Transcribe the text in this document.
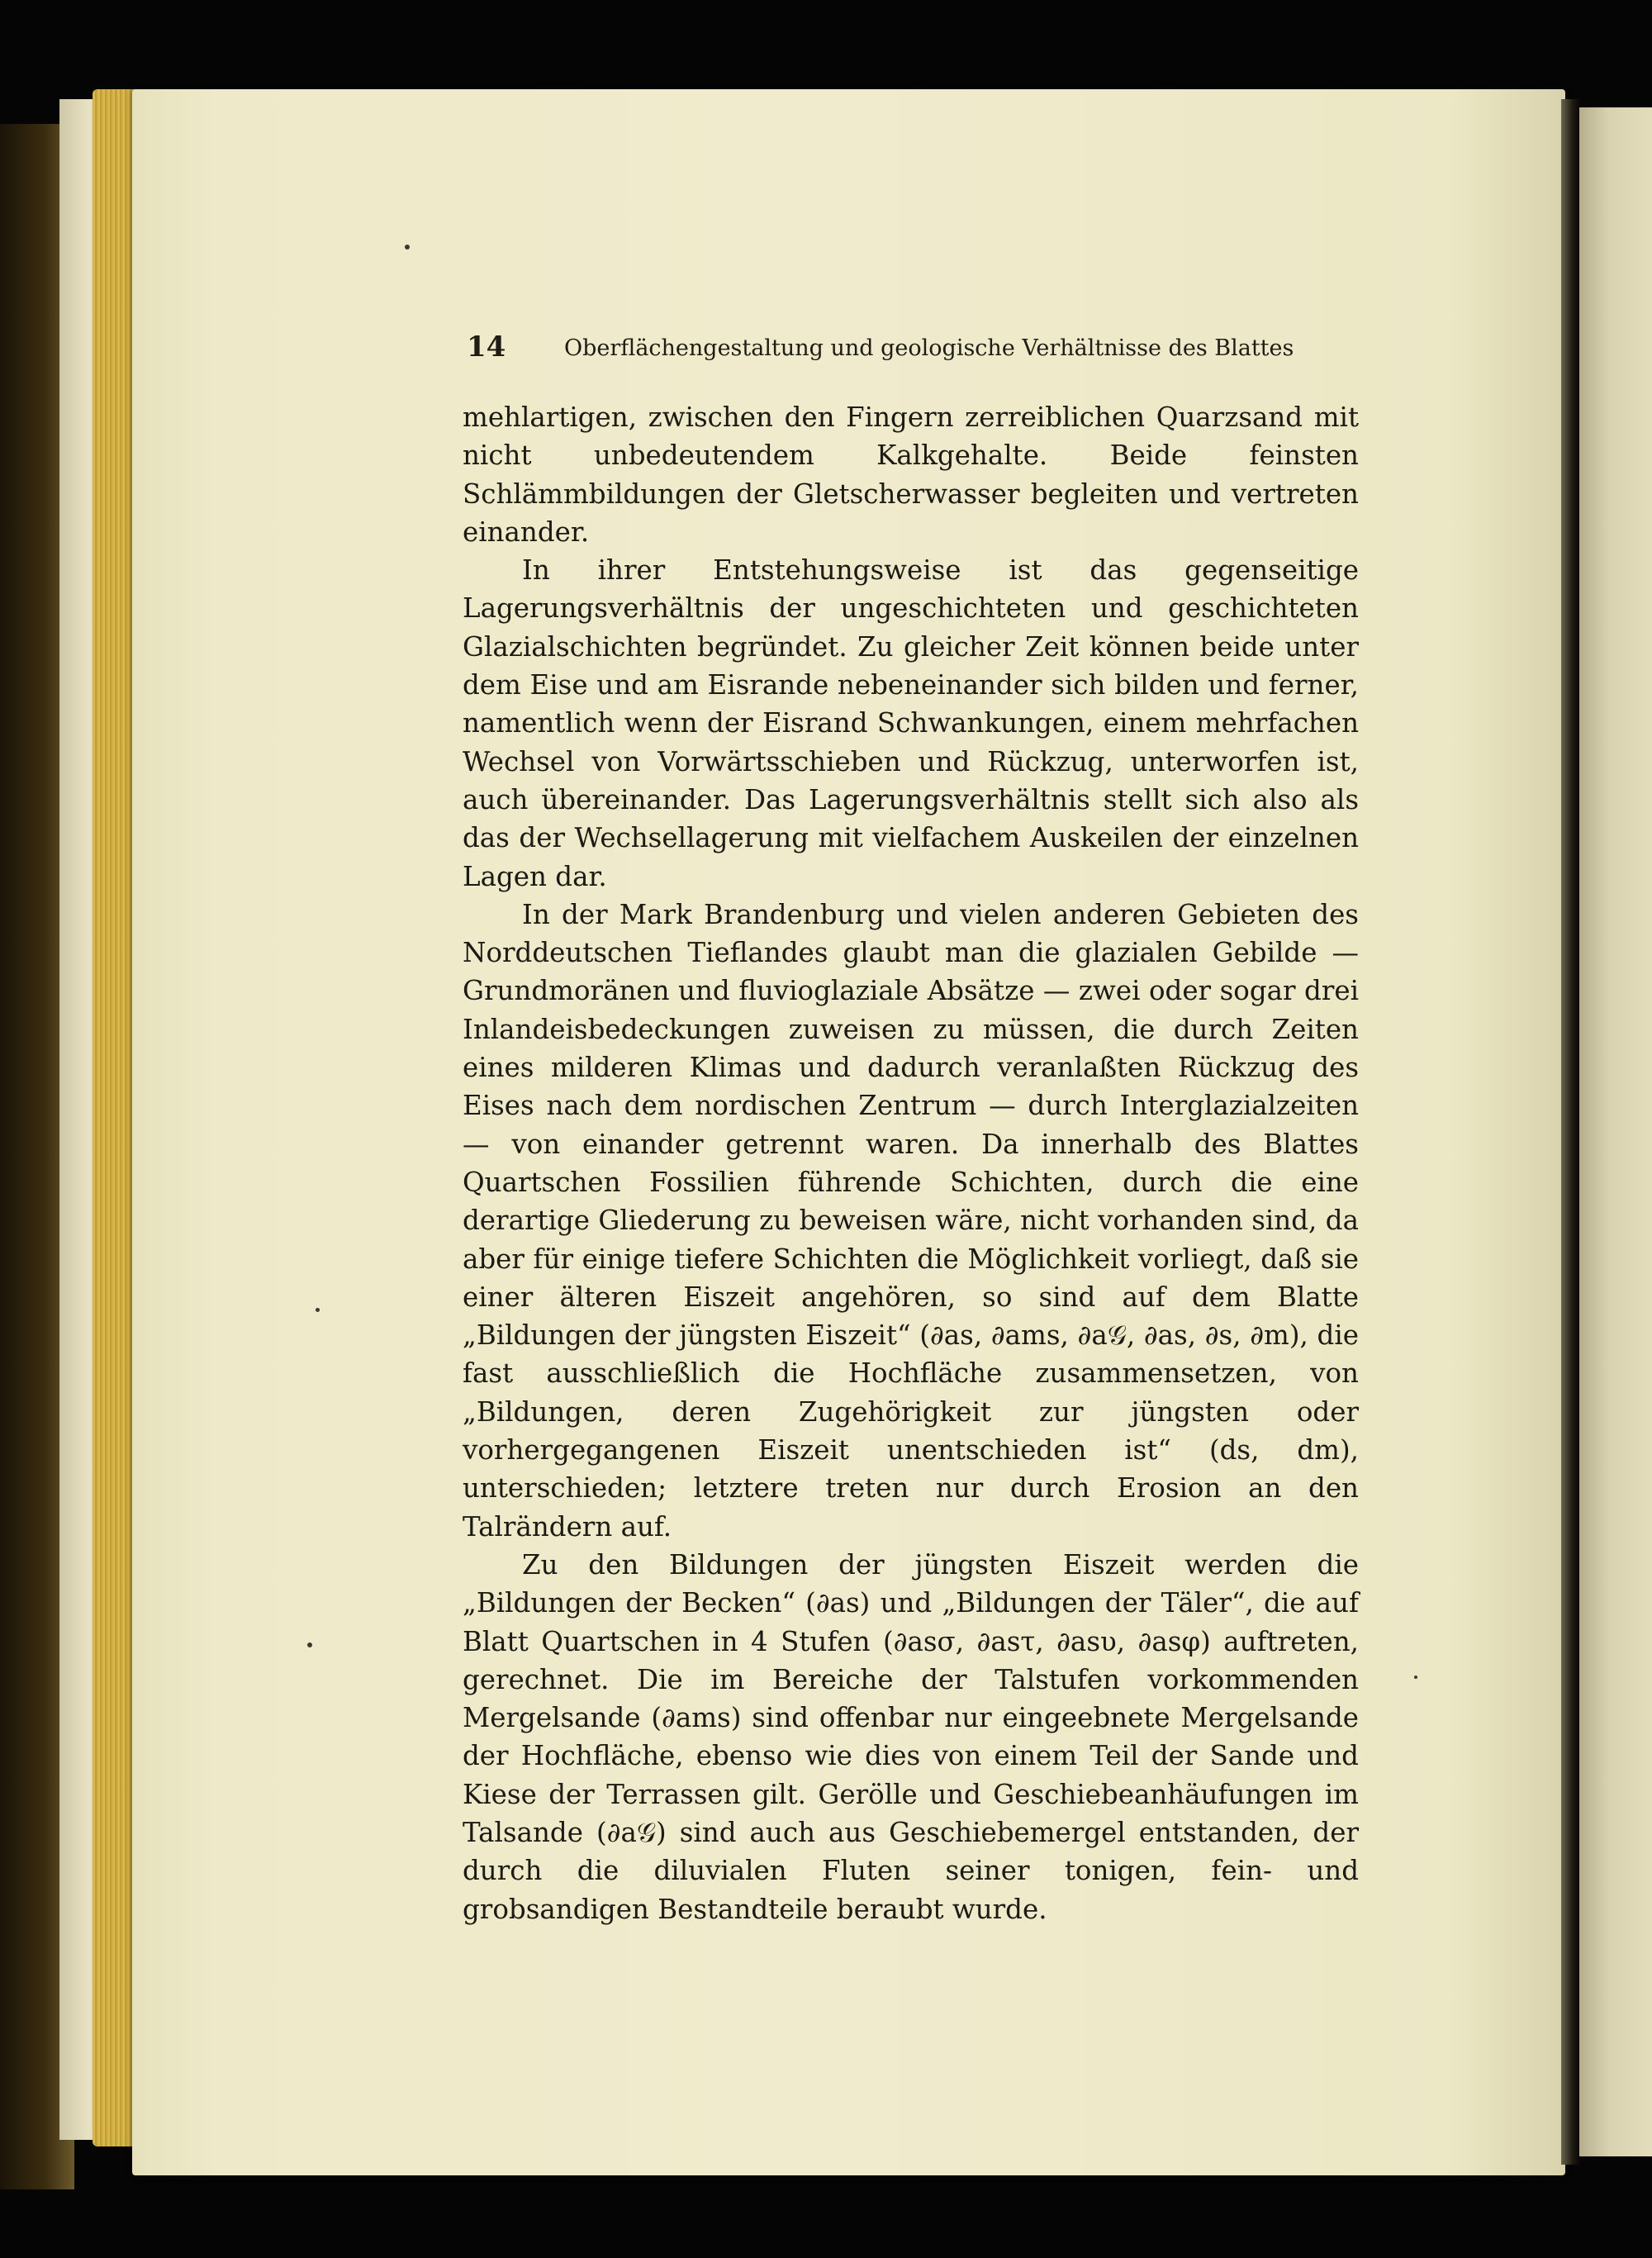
14	Oberflächengestaltung und geologische Verhältnisse des Blattes

mehlartigen, zwischen den Fingern zerreiblichen Quarzsand mit nicht unbedeutendem Kalkgehalte. Beide feinsten Schlämmbildungen der Gletscherwasser begleiten und vertreten einander.

In ihrer Entstehungsweise ist das gegenseitige Lagerungsverhältnis der ungeschichteten und geschichteten Glazialschichten begründet. Zu gleicher Zeit können beide unter dem Eise und am Eisrande nebeneinander sich bilden und ferner, namentlich wenn der Eisrand Schwankungen, einem mehrfachen Wechsel von Vorwärtsschieben und Rückzug, unterworfen ist, auch übereinander. Das Lagerungsverhältnis stellt sich also als das der Wechsellagerung mit vielfachem Auskeilen der einzelnen Lagen dar.

In der Mark Brandenburg und vielen anderen Gebieten des Norddeutschen Tieflandes glaubt man die glazialen Gebilde — Grundmoränen und fluvioglaziale Absätze — zwei oder sogar drei Inlandeisbedeckungen zuweisen zu müssen, die durch Zeiten eines milderen Klimas und dadurch veranlaßten Rückzug des Eises nach dem nordischen Zentrum — durch Interglazialzeiten — von einander getrennt waren. Da innerhalb des Blattes Quartschen Fossilien führende Schichten, durch die eine derartige Gliederung zu beweisen wäre, nicht vorhanden sind, da aber für einige tiefere Schichten die Möglichkeit vorliegt, daß sie einer älteren Eiszeit angehören, so sind auf dem Blatte „Bildungen der jüngsten Eiszeit“ (∂as, ∂ams, ∂a𝒢, ∂as, ∂s, ∂m), die fast ausschließlich die Hochfläche zusammensetzen, von „Bildungen, deren Zugehörigkeit zur jüngsten oder vorhergegangenen Eiszeit unentschieden ist“ (ds, dm), unterschieden; letztere treten nur durch Erosion an den Talrändern auf.

Zu den Bildungen der jüngsten Eiszeit werden die „Bildungen der Becken“ (∂as) und „Bildungen der Täler“, die auf Blatt Quartschen in 4 Stufen (∂asσ, ∂asτ, ∂asυ, ∂asφ) auftreten, gerechnet. Die im Bereiche der Talstufen vorkommenden Mergelsande (∂ams) sind offenbar nur eingeebnete Mergelsande der Hochfläche, ebenso wie dies von einem Teil der Sande und Kiese der Terrassen gilt. Gerölle und Geschiebeanhäufungen im Talsande (∂a𝒢) sind auch aus Geschiebemergel entstanden, der durch die diluvialen Fluten seiner tonigen, fein- und grobsandigen Bestandteile beraubt wurde.
